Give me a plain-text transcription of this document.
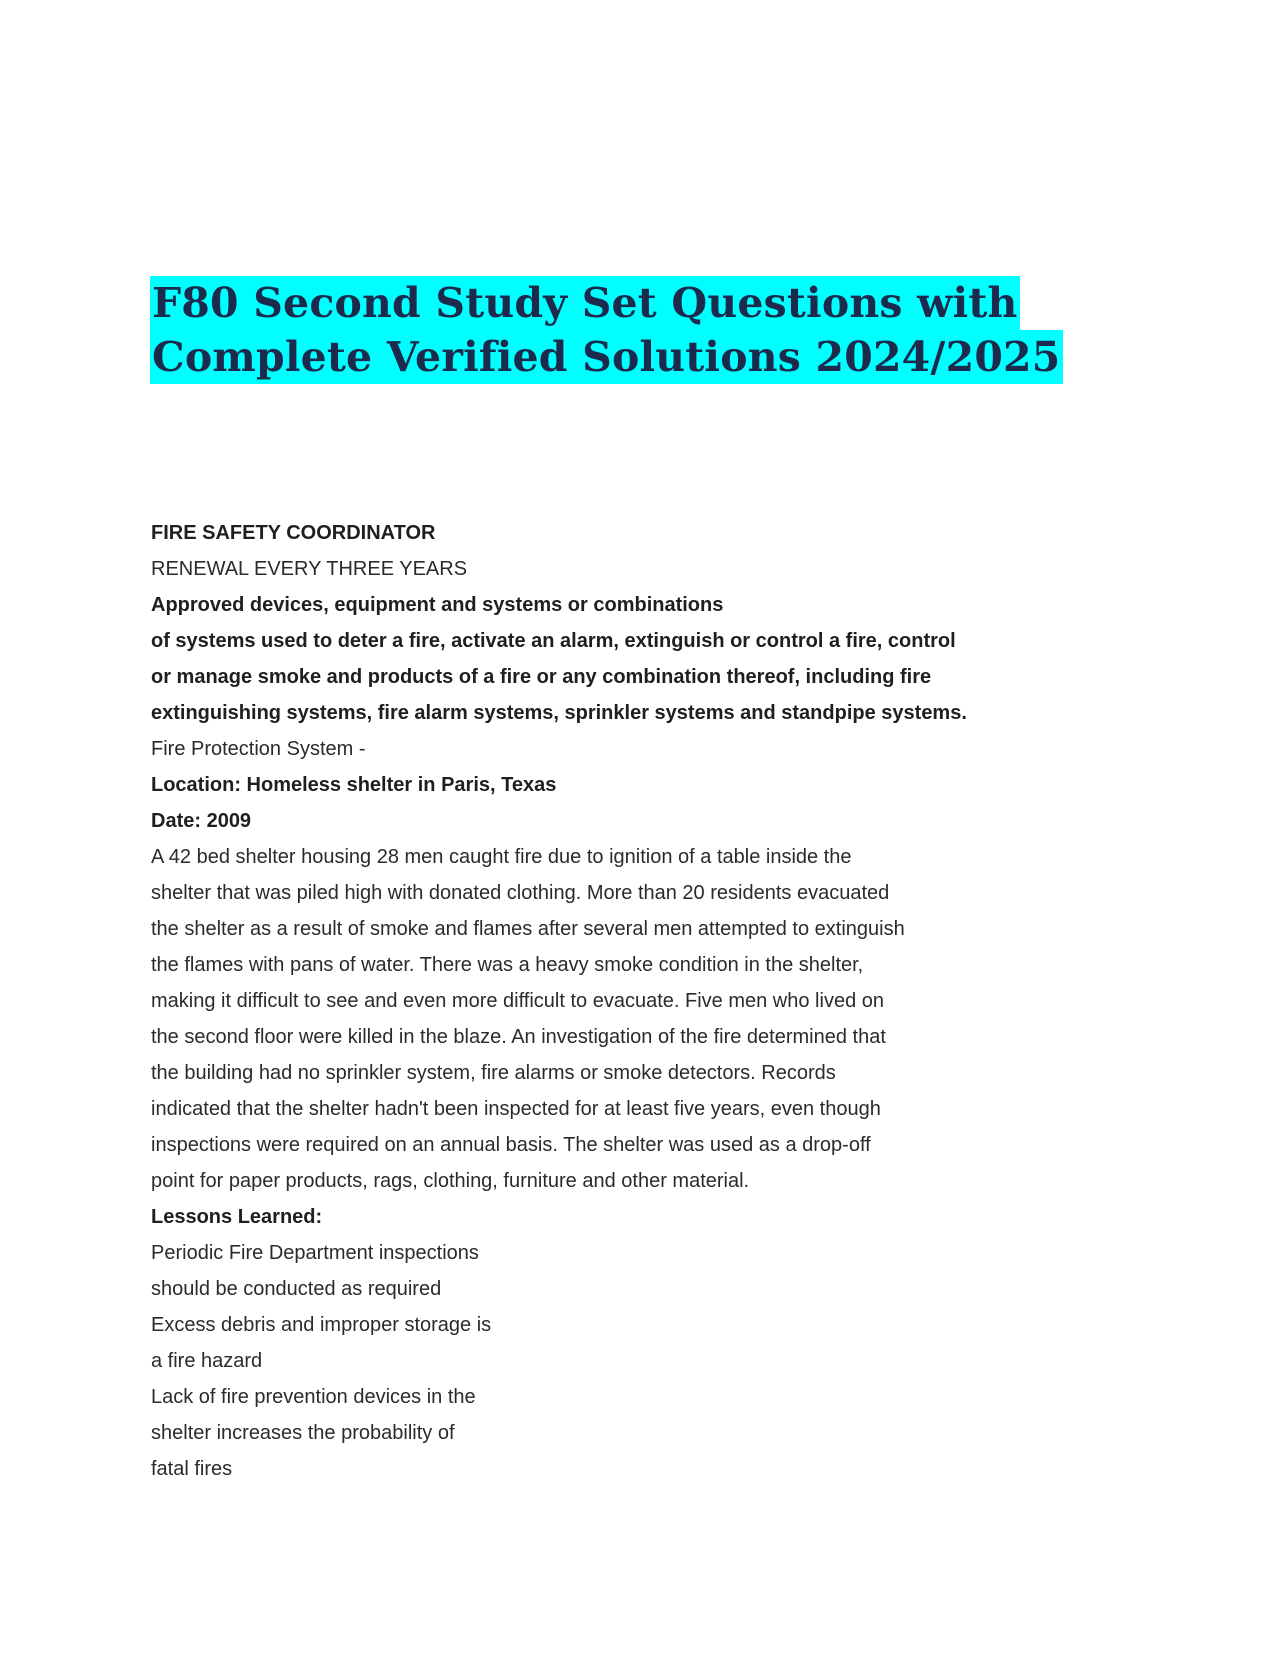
F80 Second Study Set Questions with
Complete Verified Solutions 2024/2025
FIRE SAFETY COORDINATOR
RENEWAL EVERY THREE YEARS
Approved devices, equipment and systems or combinations
of systems used to deter a fire, activate an alarm, extinguish or control a fire, control
or manage smoke and products of a fire or any combination thereof, including fire
extinguishing systems, fire alarm systems, sprinkler systems and standpipe systems.
Fire Protection System -
Location: Homeless shelter in Paris, Texas
Date: 2009
A 42 bed shelter housing 28 men caught fire due to ignition of a table inside the
shelter that was piled high with donated clothing. More than 20 residents evacuated
the shelter as a result of smoke and flames after several men attempted to extinguish
the flames with pans of water. There was a heavy smoke condition in the shelter,
making it difficult to see and even more difficult to evacuate. Five men who lived on
the second floor were killed in the blaze. An investigation of the fire determined that
the building had no sprinkler system, fire alarms or smoke detectors. Records
indicated that the shelter hadn't been inspected for at least five years, even though
inspections were required on an annual basis. The shelter was used as a drop-off
point for paper products, rags, clothing, furniture and other material.
Lessons Learned:
Periodic Fire Department inspections
should be conducted as required
Excess debris and improper storage is
a fire hazard
Lack of fire prevention devices in the
shelter increases the probability of
fatal fires
